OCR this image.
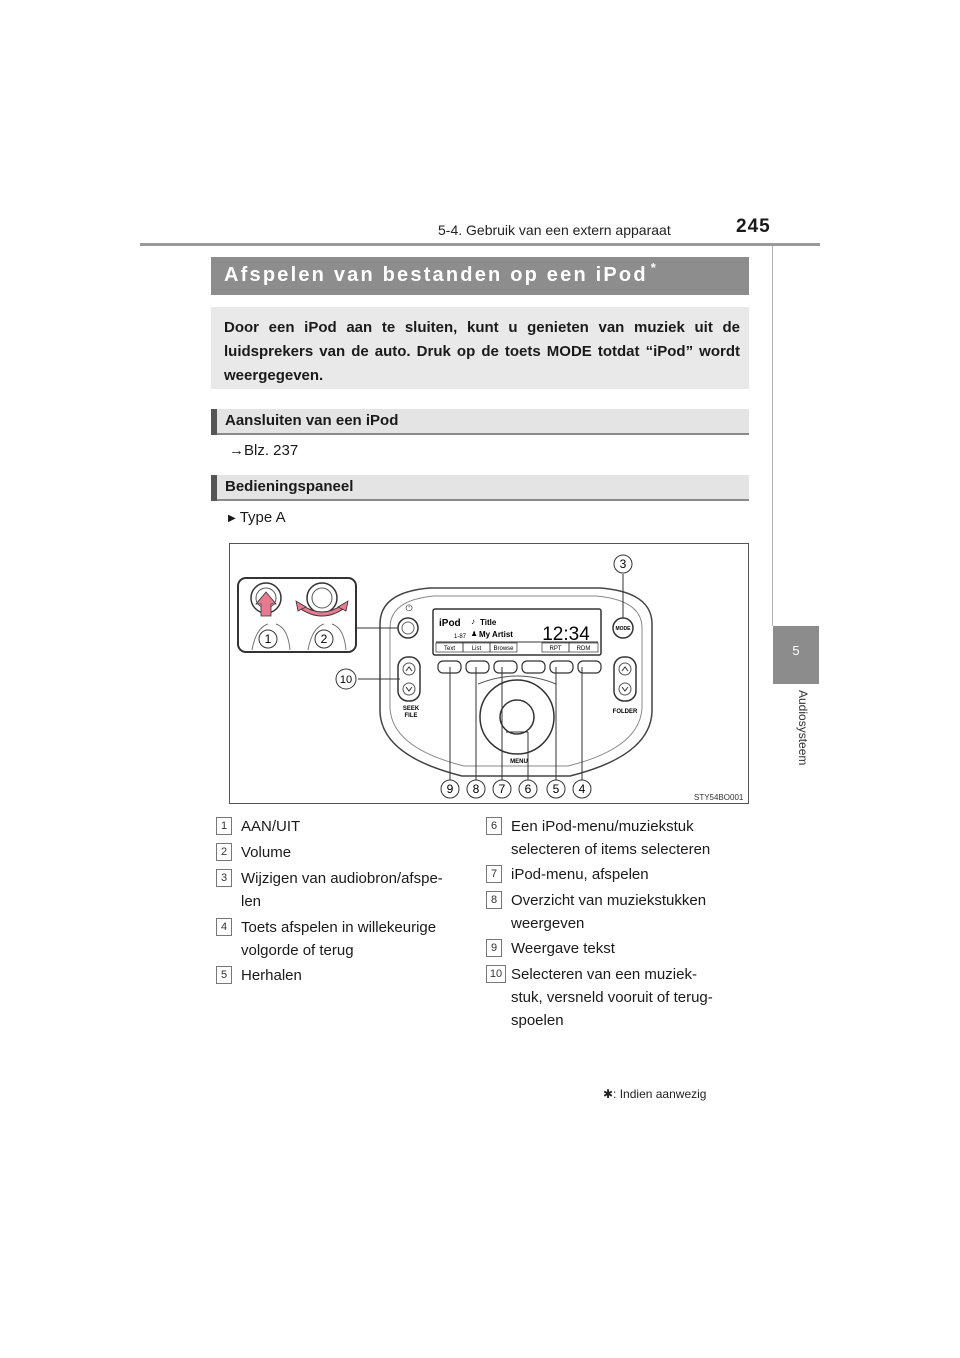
5-4. Gebruik van een extern apparaat	245
5
Audiosysteem
Afspelen van bestanden op een iPod *
Door een iPod aan te sluiten, kunt u genieten van muziek uit de luidsprekers van de auto. Druk op de toets MODE totdat “iPod” wordt weergegeven.
Aansluiten van een iPod
→Blz. 237
Bedieningspaneel
▶ Type A
⏻
iPod ♪ Title
1-87 ♟ My Artist 12:34
Text	List Browse	RPT	RDM
SEEK
FILE
MODE
FOLDER
MENU
1	2
3
10
9 8 7 6 5 4
STY54BO001
1 AAN/UIT
2 Volume
3 Wijzigen van audiobron/afspe-
len
4 Toets afspelen in willekeurige
volgorde of terug
5 Herhalen
6 Een iPod-menu/muziekstuk
selecteren of items selecteren
7 iPod-menu, afspelen
8 Overzicht van muziekstukken
weergeven
9 Weergave tekst
10 Selecteren van een muziek-
stuk, versneld vooruit of terug-
spoelen
✱: Indien aanwezig
